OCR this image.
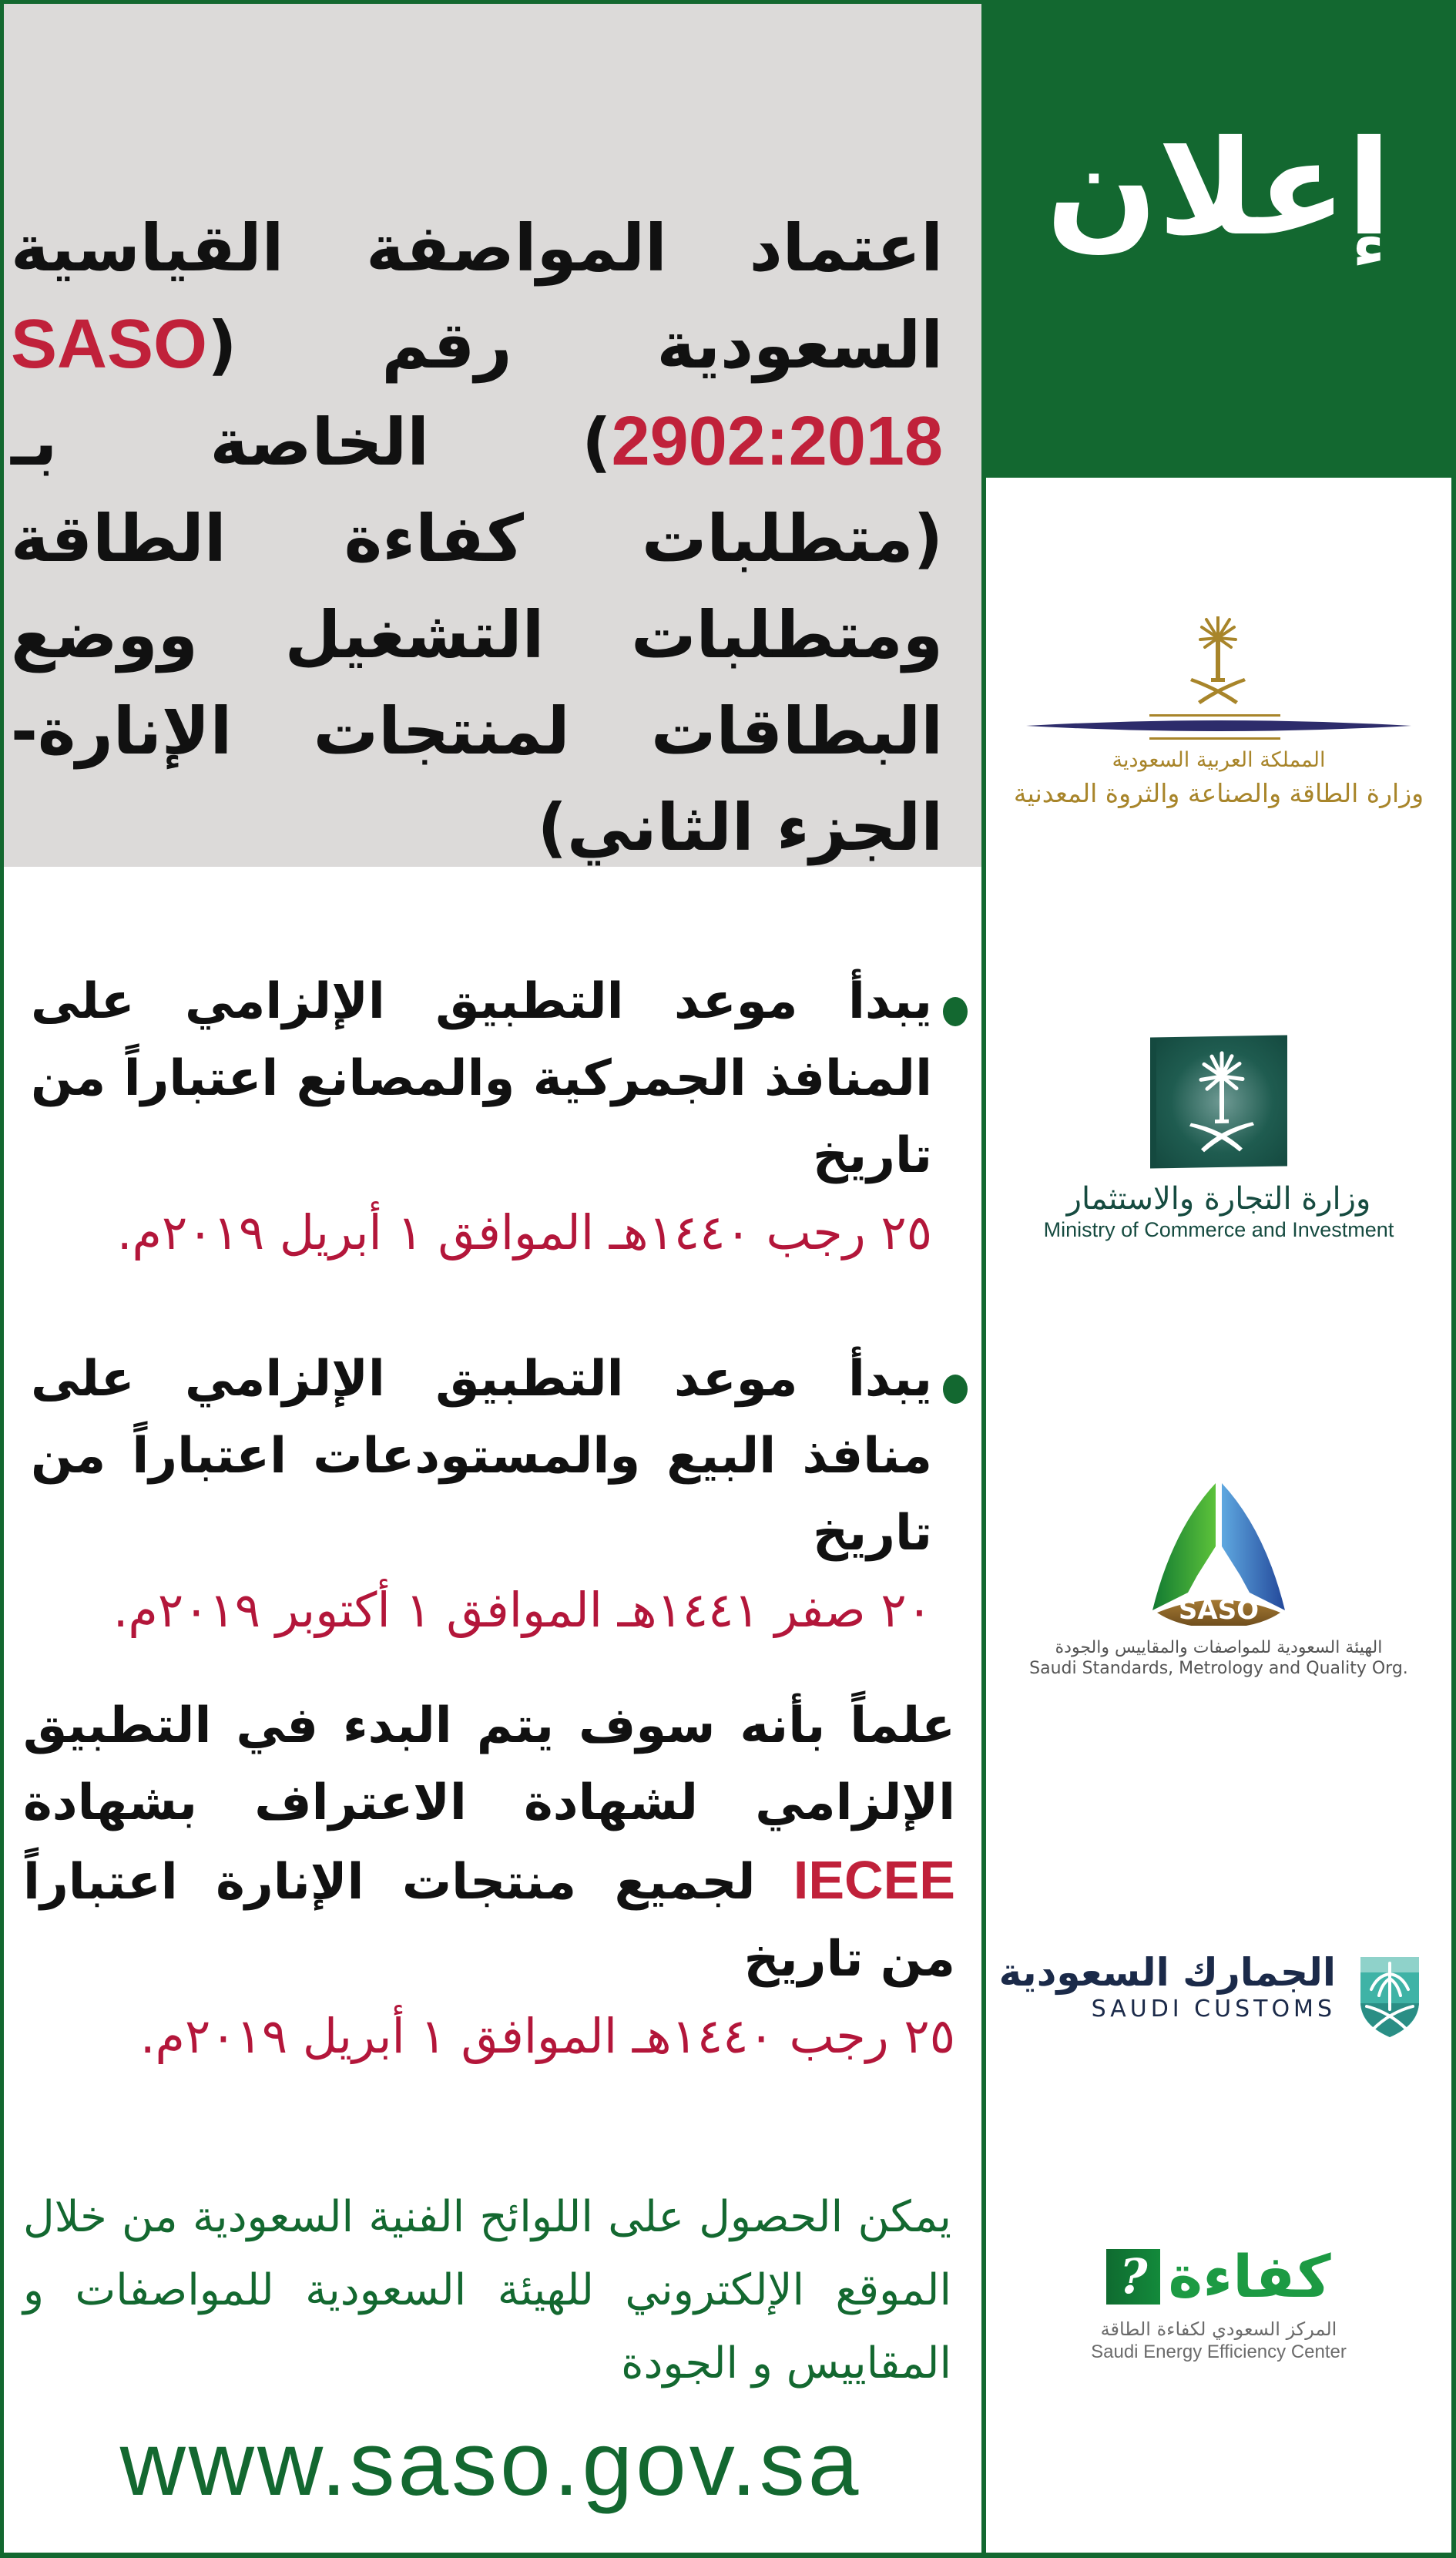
اعتماد المواصفة القياسية السعودية رقم (SASO 2902:2018) الخاصة بـ (متطلبات كفاءة الطاقة ومتطلبات التشغيل ووضع البطاقات لمنتجات الإنارة- الجزء الثاني)

يبدأ موعد التطبيق الإلزامي على المنافذ الجمركية والمصانع اعتباراً من تاريخ
٢٥ رجب ١٤٤٠هـ الموافق ١ أبريل ٢٠١٩م.

يبدأ موعد التطبيق الإلزامي على منافذ البيع والمستودعات اعتباراً من تاريخ
٢٠ صفر ١٤٤١هـ الموافق ١ أكتوبر ٢٠١٩م.

علماً بأنه سوف يتم البدء في التطبيق الإلزامي لشهادة الاعتراف بشهادة IECEE لجميع منتجات الإنارة اعتباراً من تاريخ
٢٥ رجب ١٤٤٠هـ الموافق ١ أبريل ٢٠١٩م.

يمكن الحصول على اللوائح الفنية السعودية من خلال الموقع الإلكتروني للهيئة السعودية للمواصفات و المقاييس و الجودة

www.saso.gov.sa

إعلان

المملكة العربية السعودية
وزارة الطاقة والصناعة والثروة المعدنية
وزارة التجارة والاستثمار
Ministry of Commerce and Investment
SASO
الهيئة السعودية للمواصفات والمقاييس والجودة
Saudi Standards, Metrology and Quality Org.
الجمارك السعودية
SAUDI CUSTOMS
? كفاءة
المركز السعودي لكفاءة الطاقة
Saudi Energy Efficiency Center
